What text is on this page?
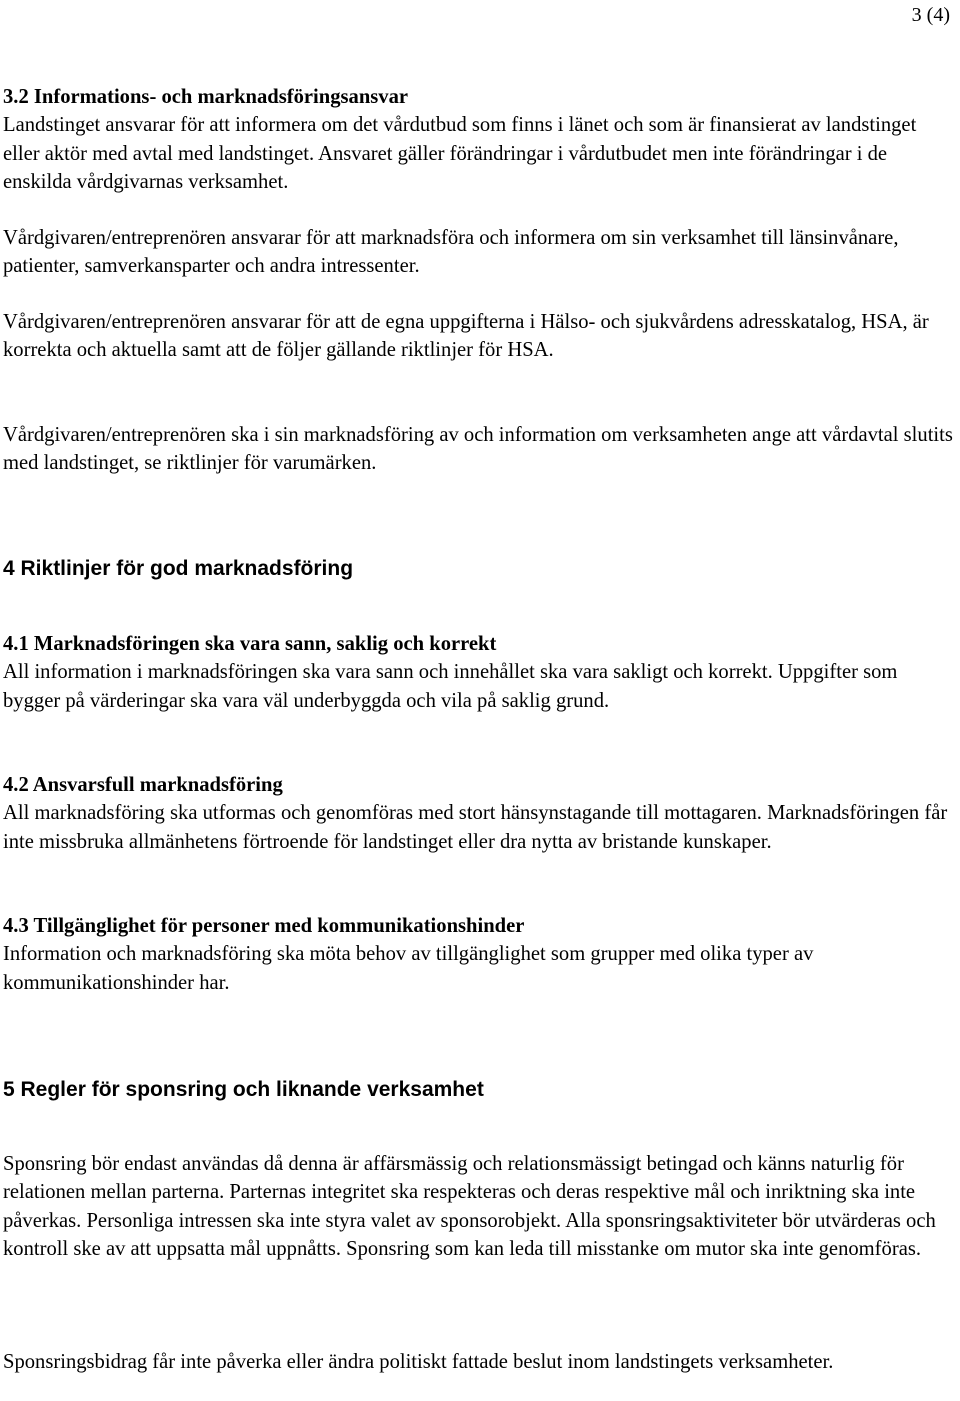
3 (4)

3.2 Informations- och marknadsföringsansvar

Landstinget ansvarar för att informera om det vårdutbud som finns i länet och som är finansierat av landstinget eller aktör med avtal med landstinget. Ansvaret gäller förändringar i vårdutbudet men inte förändringar i de enskilda vårdgivarnas verksamhet.

Vårdgivaren/entreprenören ansvarar för att marknadsföra och informera om sin verksamhet till länsinvånare, patienter, samverkansparter och andra intressenter.

Vårdgivaren/entreprenören ansvarar för att de egna uppgifterna i Hälso- och sjukvårdens adresskatalog, HSA, är korrekta och aktuella samt att de följer gällande riktlinjer för HSA.

Vårdgivaren/entreprenören ska i sin marknadsföring av och information om verksamheten ange att vårdavtal slutits med landstinget, se riktlinjer för varumärken.

4 Riktlinjer för god marknadsföring

4.1 Marknadsföringen ska vara sann, saklig och korrekt

All information i marknadsföringen ska vara sann och innehållet ska vara sakligt och korrekt. Uppgifter som bygger på värderingar ska vara väl underbyggda och vila på saklig grund.

4.2 Ansvarsfull marknadsföring

All marknadsföring ska utformas och genomföras med stort hänsynstagande till mottagaren. Marknadsföringen får inte missbruka allmänhetens förtroende för landstinget eller dra nytta av bristande kunskaper.

4.3 Tillgänglighet för personer med kommunikationshinder

Information och marknadsföring ska möta behov av tillgänglighet som grupper med olika typer av kommunikationshinder har.

5 Regler för sponsring och liknande verksamhet

Sponsring bör endast användas då denna är affärsmässig och relationsmässigt betingad och känns naturlig för relationen mellan parterna. Parternas integritet ska respekteras och deras respektive mål och inriktning ska inte påverkas. Personliga intressen ska inte styra valet av sponsorobjekt. Alla sponsringsaktiviteter bör utvärderas och kontroll ske av att uppsatta mål uppnåtts. Sponsring som kan leda till misstanke om mutor ska inte genomföras.

Sponsringsbidrag får inte påverka eller ändra politiskt fattade beslut inom landstingets verksamheter.
